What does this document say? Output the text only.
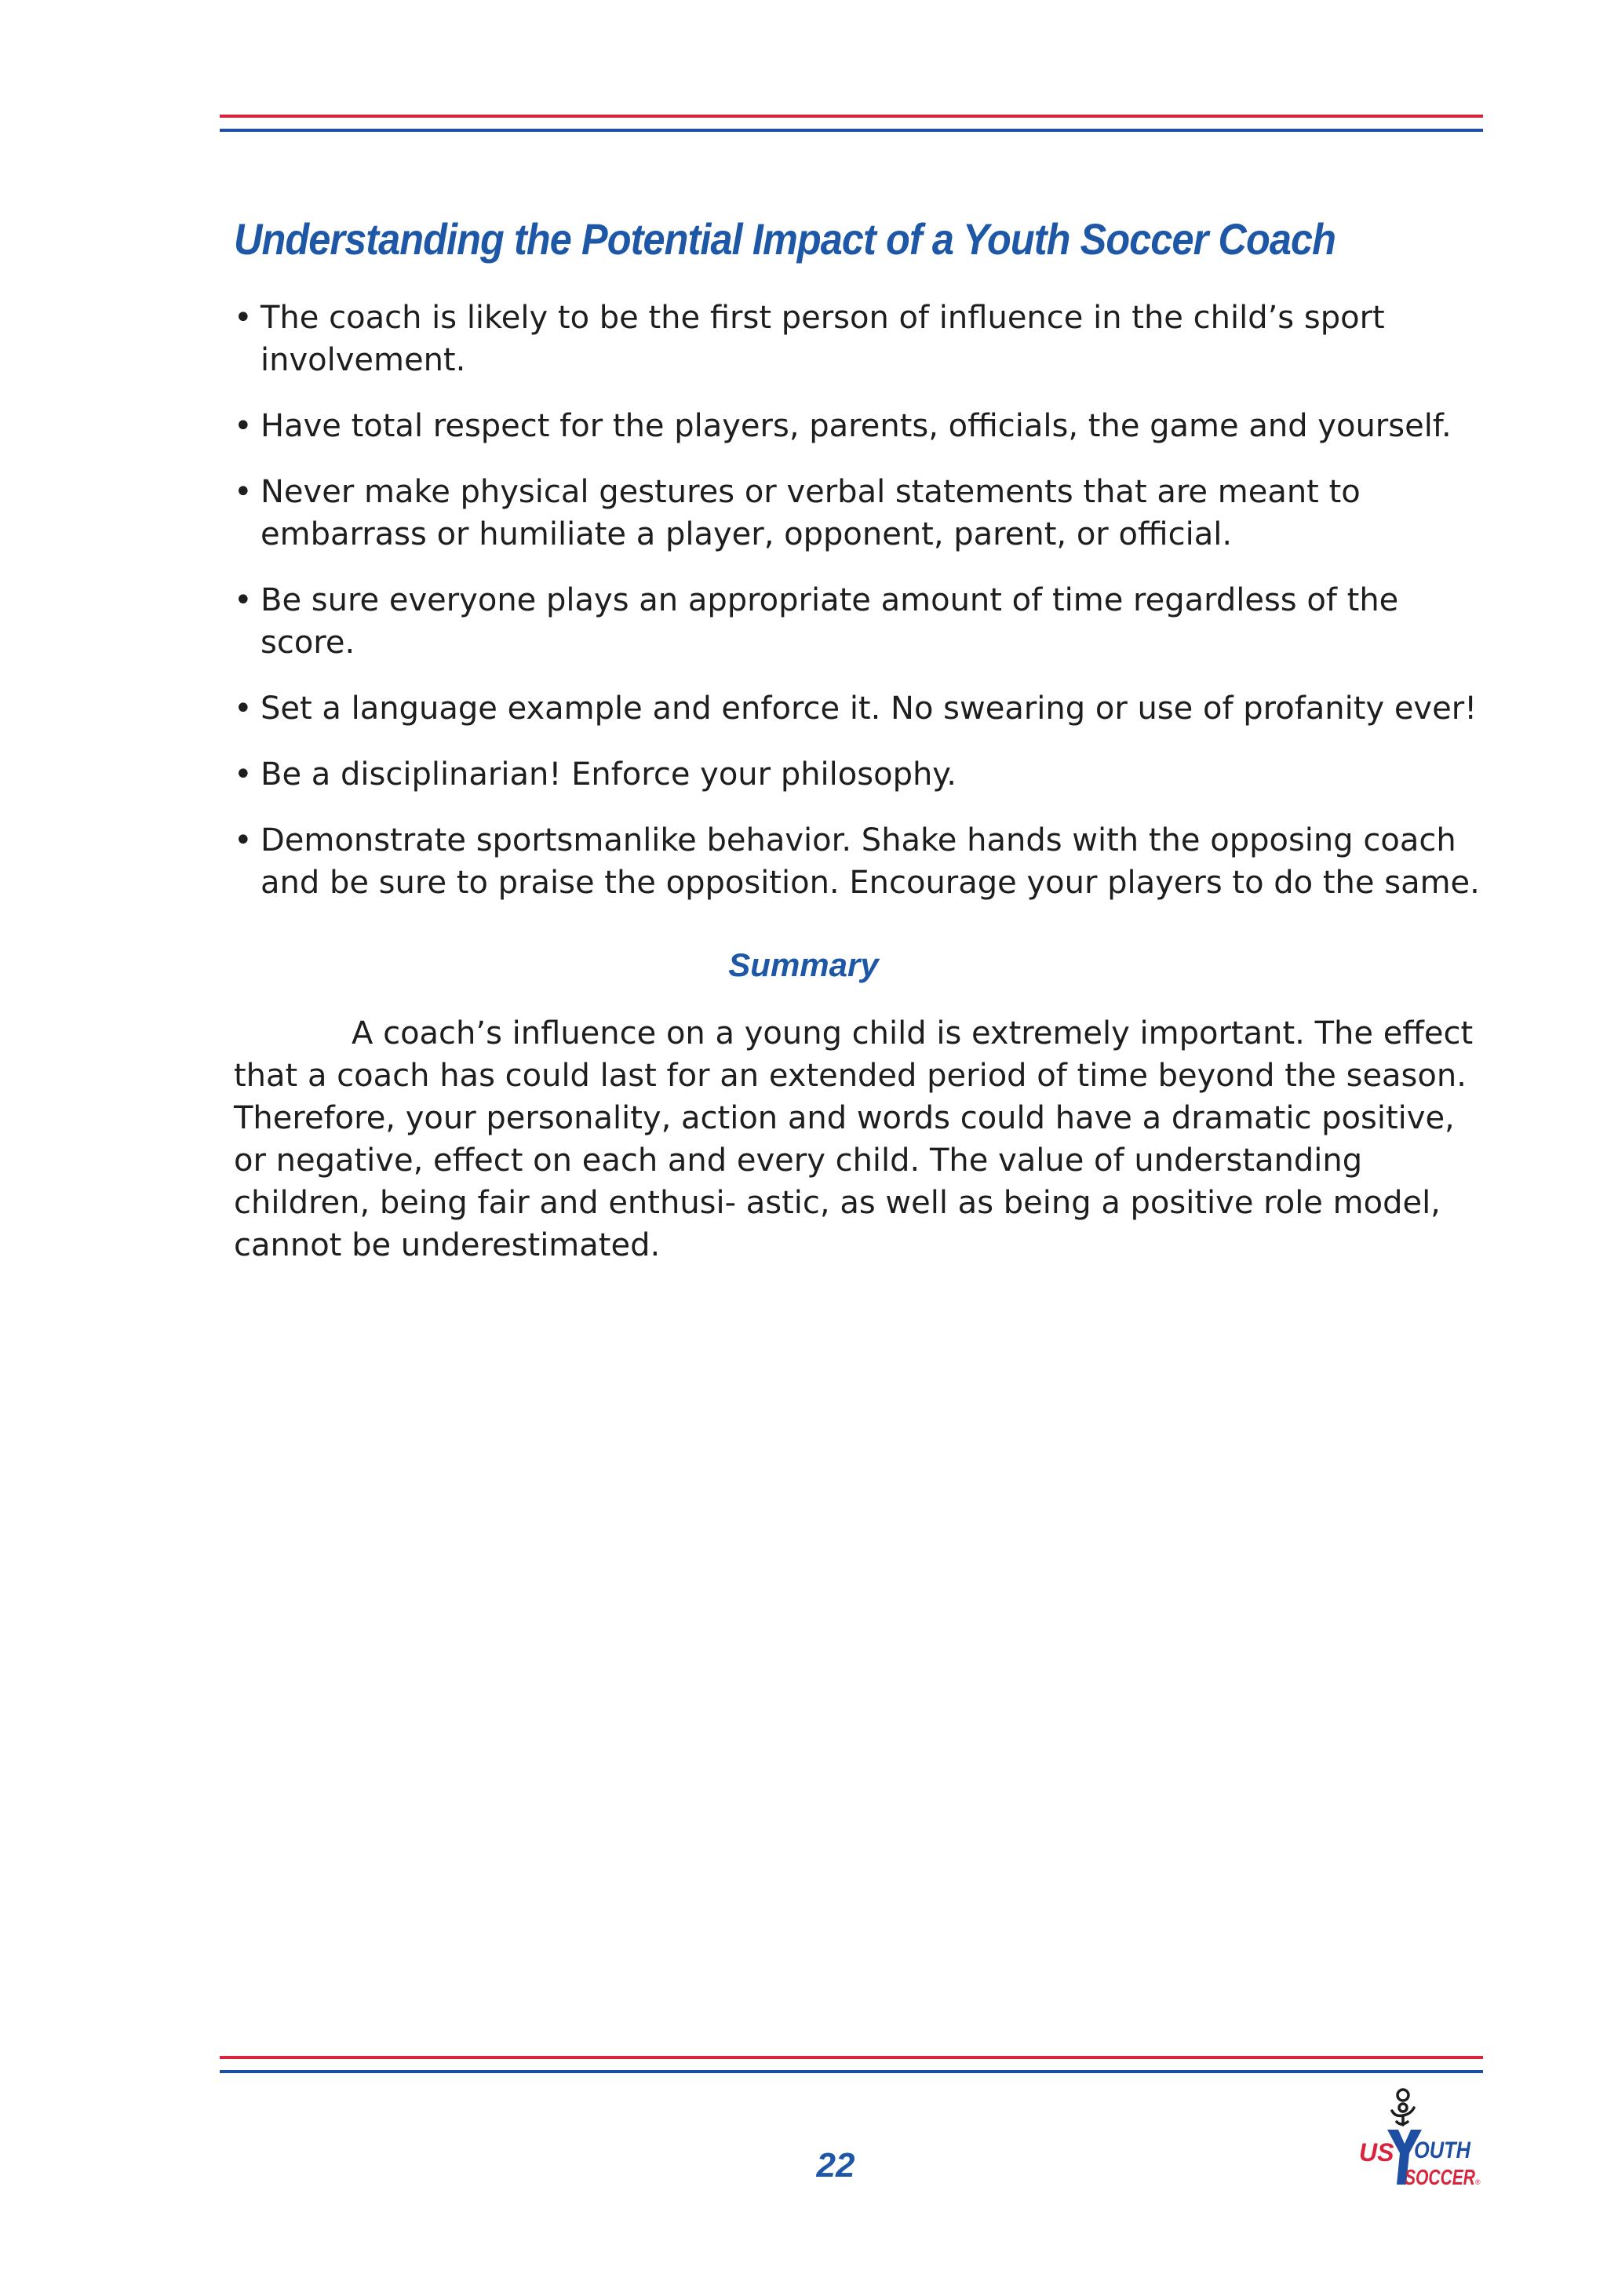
Understanding the Potential Impact of a Youth Soccer Coach
• The coach is likely to be the first person of influence in the child’s sport involvement.
• Have total respect for the players, parents, officials, the game and yourself.
• Never make physical gestures or verbal statements that are meant to embarrass or humiliate a player, opponent, parent, or official.
• Be sure everyone plays an appropriate amount of time regardless of the score.
• Set a language example and enforce it. No swearing or use of profanity ever!
• Be a disciplinarian! Enforce your philosophy.
• Demonstrate sportsmanlike behavior. Shake hands with the opposing coach and be sure to praise the opposition. Encourage your players to do the same.
Summary

A coach’s influence on a young child is extremely important. The effect that a coach has could last for an extended period of time beyond the season. Therefore, your personality, action and words could have a dramatic positive, or negative, effect on each and every child. The value of understanding children, being fair and enthusi- astic, as well as being a positive role model, cannot be underestimated.

22	US OUTH
SOCCER ®
